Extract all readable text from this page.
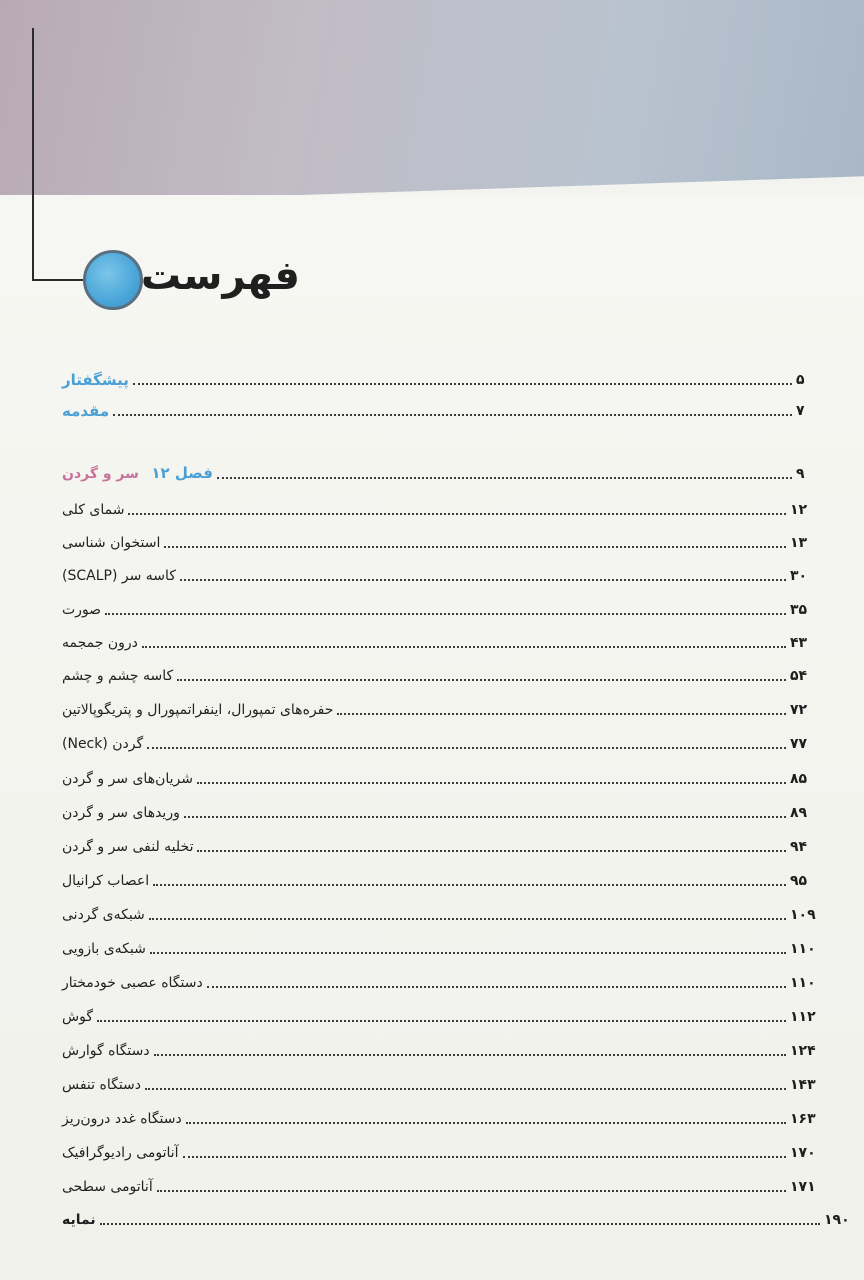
فهرست
پیشگفتار	۵
مقدمه	۷
فصل ۱۲ سر و گردن	۹
شمای کلی	۱۲
استخوان شناسی	۱۳
کاسه سر (SCALP)	۳۰
صورت	۳۵
درون جمجمه	۴۳
کاسه چشم و چشم	۵۴
حفره‌های تمپورال، اینفراتمپورال و پتریگوپالاتین	۷۲
گردن (Neck)	۷۷
شریان‌های سر و گردن	۸۵
وریدهای سر و گردن	۸۹
تخلیه لنفی سر و گردن	۹۴
اعصاب کرانیال	۹۵
شبکه‌ی گردنی	۱۰۹
شبکه‌ی بازویی	۱۱۰
دستگاه عصبی خودمختار	۱۱۰
گوش	۱۱۲
دستگاه گوارش	۱۲۴
دستگاه تنفس	۱۴۳
دستگاه غدد درون‌ریز	۱۶۳
آناتومی رادیوگرافیک	۱۷۰
آناتومی سطحی	۱۷۱
نمایه	۱۹۰
